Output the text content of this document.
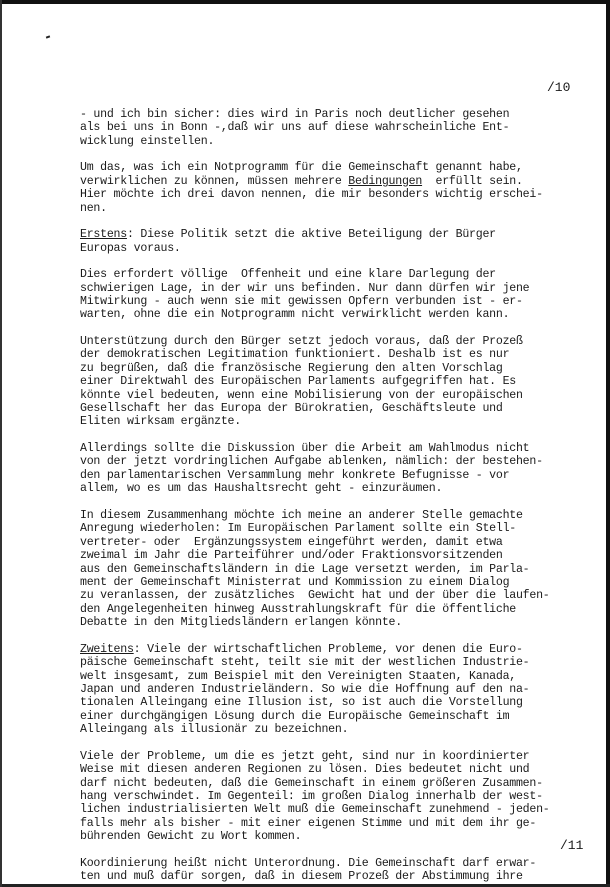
/10
- und ich bin sicher: dies wird in Paris noch deutlicher gesehen
als bei uns in Bonn -,daß wir uns auf diese wahrscheinliche Ent-
wicklung einstellen.
Um das, was ich ein Notprogramm für die Gemeinschaft genannt habe,
verwirklichen zu können, müssen mehrere Bedingungen  erfüllt sein.
Hier möchte ich drei davon nennen, die mir besonders wichtig erschei-
nen.
Erstens: Diese Politik setzt die aktive Beteiligung der Bürger
Europas voraus.
Dies erfordert völlige  Offenheit und eine klare Darlegung der
schwierigen Lage, in der wir uns befinden. Nur dann dürfen wir jene
Mitwirkung - auch wenn sie mit gewissen Opfern verbunden ist - er-
warten, ohne die ein Notprogramm nicht verwirklicht werden kann.
Unterstützung durch den Bürger setzt jedoch voraus, daß der Prozeß
der demokratischen Legitimation funktioniert. Deshalb ist es nur
zu begrüßen, daß die französische Regierung den alten Vorschlag
einer Direktwahl des Europäischen Parlaments aufgegriffen hat. Es
könnte viel bedeuten, wenn eine Mobilisierung von der europäischen
Gesellschaft her das Europa der Bürokratien, Geschäftsleute und
Eliten wirksam ergänzte.
Allerdings sollte die Diskussion über die Arbeit am Wahlmodus nicht
von der jetzt vordringlichen Aufgabe ablenken, nämlich: der bestehen-
den parlamentarischen Versammlung mehr konkrete Befugnisse - vor
allem, wo es um das Haushaltsrecht geht - einzuräumen.
In diesem Zusammenhang möchte ich meine an anderer Stelle gemachte
Anregung wiederholen: Im Europäischen Parlament sollte ein Stell-
vertreter- oder  Ergänzungssystem eingeführt werden, damit etwa
zweimal im Jahr die Parteiführer und/oder Fraktionsvorsitzenden
aus den Gemeinschaftsländern in die Lage versetzt werden, im Parla-
ment der Gemeinschaft Ministerrat und Kommission zu einem Dialog
zu veranlassen, der zusätzliches  Gewicht hat und der über die laufen-
den Angelegenheiten hinweg Ausstrahlungskraft für die öffentliche
Debatte in den Mitgliedsländern erlangen könnte.
Zweitens: Viele der wirtschaftlichen Probleme, vor denen die Euro-
päische Gemeinschaft steht, teilt sie mit der westlichen Industrie-
welt insgesamt, zum Beispiel mit den Vereinigten Staaten, Kanada,
Japan und anderen Industrieländern. So wie die Hoffnung auf den na-
tionalen Alleingang eine Illusion ist, so ist auch die Vorstellung
einer durchgängigen Lösung durch die Europäische Gemeinschaft im
Alleingang als illusionär zu bezeichnen.
Viele der Probleme, um die es jetzt geht, sind nur in koordinierter
Weise mit diesen anderen Regionen zu lösen. Dies bedeutet nicht und
darf nicht bedeuten, daß die Gemeinschaft in einem größeren Zusammen-
hang verschwindet. Im Gegenteil: im großen Dialog innerhalb der west-
lichen industrialisierten Welt muß die Gemeinschaft zunehmend - jeden-
falls mehr als bisher - mit einer eigenen Stimme und mit dem ihr ge-
bührenden Gewicht zu Wort kommen.
Koordinierung heißt nicht Unterordnung. Die Gemeinschaft darf erwar-
ten und muß dafür sorgen, daß in diesem Prozeß der Abstimmung ihre
/11
